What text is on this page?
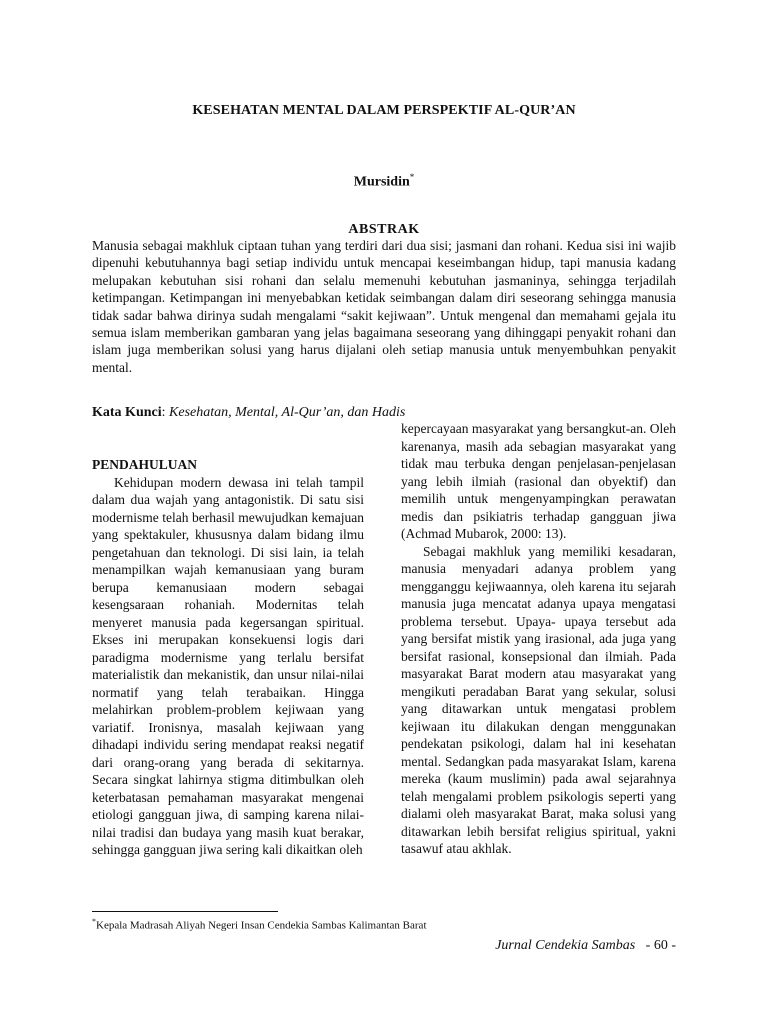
KESEHATAN MENTAL DALAM PERSPEKTIF AL-QUR’AN
Mursidin*
ABSTRAK

Manusia sebagai makhluk ciptaan tuhan yang terdiri dari dua sisi; jasmani dan rohani. Kedua sisi ini wajib dipenuhi kebutuhannya bagi setiap individu untuk mencapai keseimbangan hidup, tapi manusia kadang melupakan kebutuhan sisi rohani dan selalu memenuhi kebutuhan jasmaninya, sehingga terjadilah ketimpangan. Ketimpangan ini menyebabkan ketidak seimbangan dalam diri seseorang sehingga manusia tidak sadar bahwa dirinya sudah mengalami “sakit kejiwaan”. Untuk mengenal dan memahami gejala itu semua islam memberikan gambaran yang jelas bagaimana seseorang yang dihinggapi penyakit rohani dan islam juga memberikan solusi yang harus dijalani oleh setiap manusia untuk menyembuhkan penyakit mental.

Kata Kunci: Kesehatan, Mental, Al-Qur’an, dan Hadis

PENDAHULUAN

Kehidupan modern dewasa ini telah tampil dalam dua wajah yang antagonistik. Di satu sisi modernisme telah berhasil mewujudkan kemajuan yang spektakuler, khususnya dalam bidang ilmu pengetahuan dan teknologi. Di sisi lain, ia telah menampilkan wajah kemanusiaan yang buram berupa kemanusiaan modern sebagai kesengsaraan rohaniah. Modernitas telah menyeret manusia pada kegersangan spiritual. Ekses ini merupakan konsekuensi logis dari paradigma modernisme yang terlalu bersifat materialistik dan mekanistik, dan unsur nilai-nilai normatif yang telah terabaikan. Hingga melahirkan problem-problem kejiwaan yang variatif. Ironisnya, masalah kejiwaan yang dihadapi individu sering mendapat reaksi negatif dari orang-orang yang berada di sekitarnya. Secara singkat lahirnya stigma ditimbulkan oleh keterbatasan pemahaman masyarakat mengenai etiologi gangguan jiwa, di samping karena nilai-nilai tradisi dan budaya yang masih kuat berakar, sehingga gangguan jiwa sering kali dikaitkan oleh

kepercayaan masyarakat yang bersangkut-an. Oleh karenanya, masih ada sebagian masyarakat yang tidak mau terbuka dengan penjelasan-penjelasan yang lebih ilmiah (rasional dan obyektif) dan memilih untuk mengenyampingkan perawatan medis dan psikiatris terhadap gangguan jiwa (Achmad Mubarok, 2000: 13).

Sebagai makhluk yang memiliki kesadaran, manusia menyadari adanya problem yang mengganggu kejiwaannya, oleh karena itu sejarah manusia juga mencatat adanya upaya mengatasi problema tersebut. Upaya- upaya tersebut ada yang bersifat mistik yang irasional, ada juga yang bersifat rasional, konsepsional dan ilmiah. Pada masyarakat Barat modern atau masyarakat yang mengikuti peradaban Barat yang sekular, solusi yang ditawarkan untuk mengatasi problem kejiwaan itu dilakukan dengan menggunakan pendekatan psikologi, dalam hal ini kesehatan mental. Sedangkan pada masyarakat Islam, karena mereka (kaum muslimin) pada awal sejarahnya telah mengalami problem psikologis seperti yang dialami oleh masyarakat Barat, maka solusi yang ditawarkan lebih bersifat religius spiritual, yakni tasawuf atau akhlak.

*Kepala Madrasah Aliyah Negeri Insan Cendekia Sambas Kalimantan Barat
Jurnal Cendekia Sambas - 60 -
